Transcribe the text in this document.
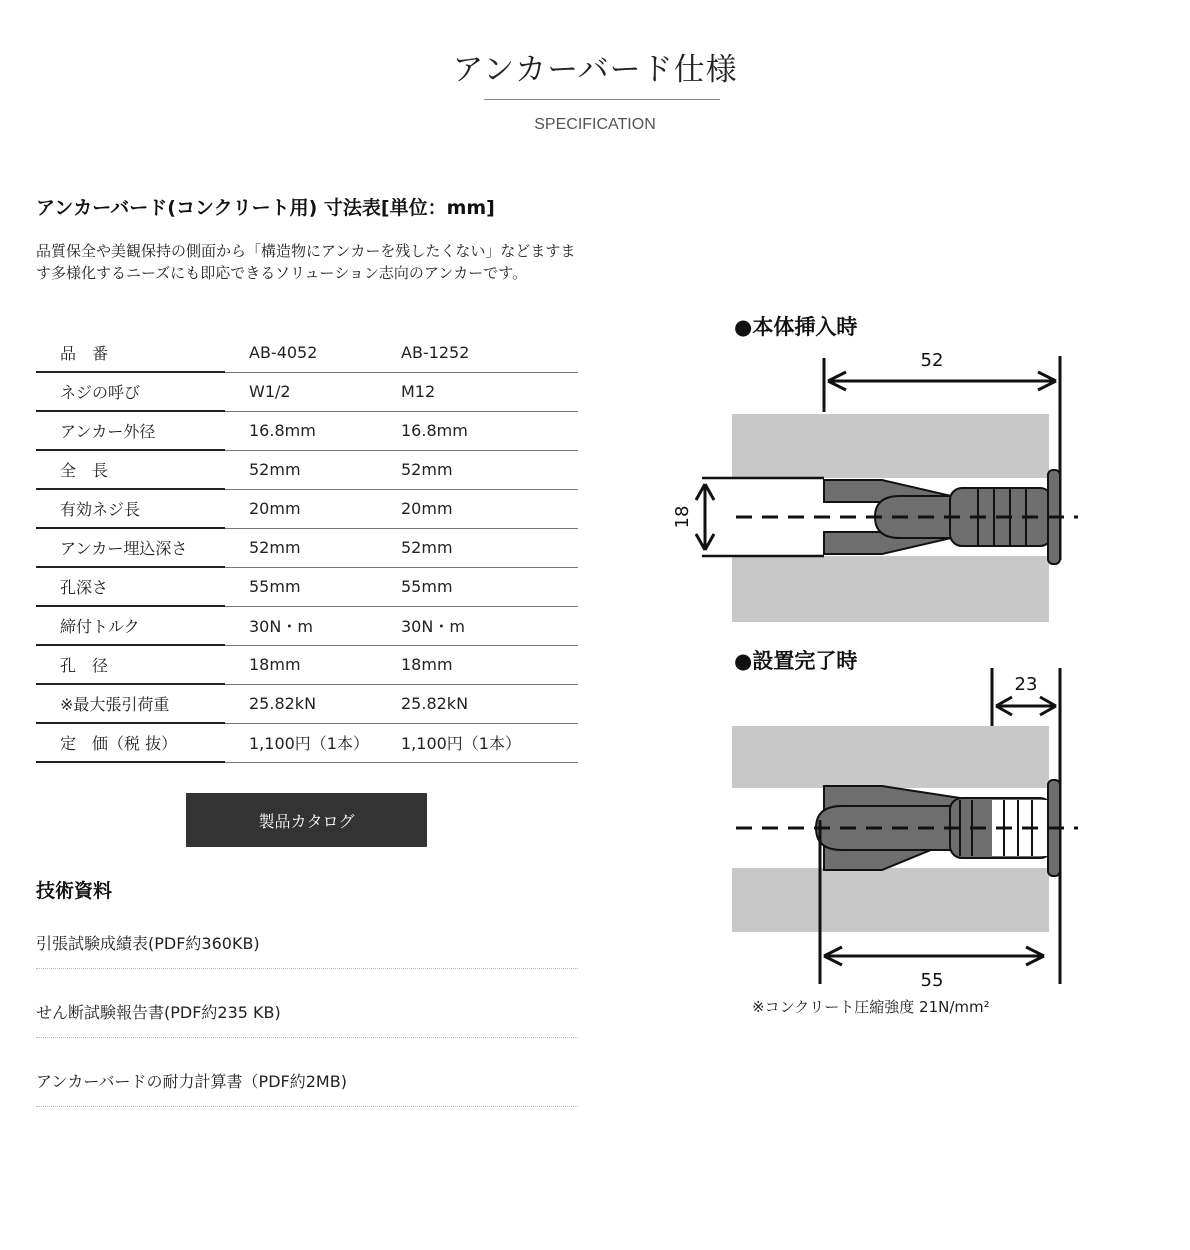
アンカーバード仕様
SPECIFICATION
アンカーバード(コンクリート用) 寸法表[単位：mm]

品質保全や美観保持の側面から「構造物にアンカーを残したくない」などますます多様化するニーズにも即応できるソリューション志向のアンカーです。

品　番	AB-4052	AB-1252
ネジの呼び	W1/2	M12
アンカー外径	16.8mm	16.8mm
全　長	52mm	52mm
有効ネジ長	20mm	20mm
アンカー埋込深さ	52mm	52mm
孔深さ	55mm	55mm
締付トルク	30N・m	30N・m
孔　径	18mm	18mm
※最大張引荷重	25.82kN	25.82kN
定　価（税 抜）	1,100円（1本）	1,100円（1本）
製品カタログ
技術資料
引張試験成績表(PDF約360KB)
せん断試験報告書(PDF約235 KB)
アンカーバードの耐力計算書（PDF約2MB)
●本体挿入時
52
18
●設置完了時
23
55
※コンクリート圧縮強度 21N/mm²
